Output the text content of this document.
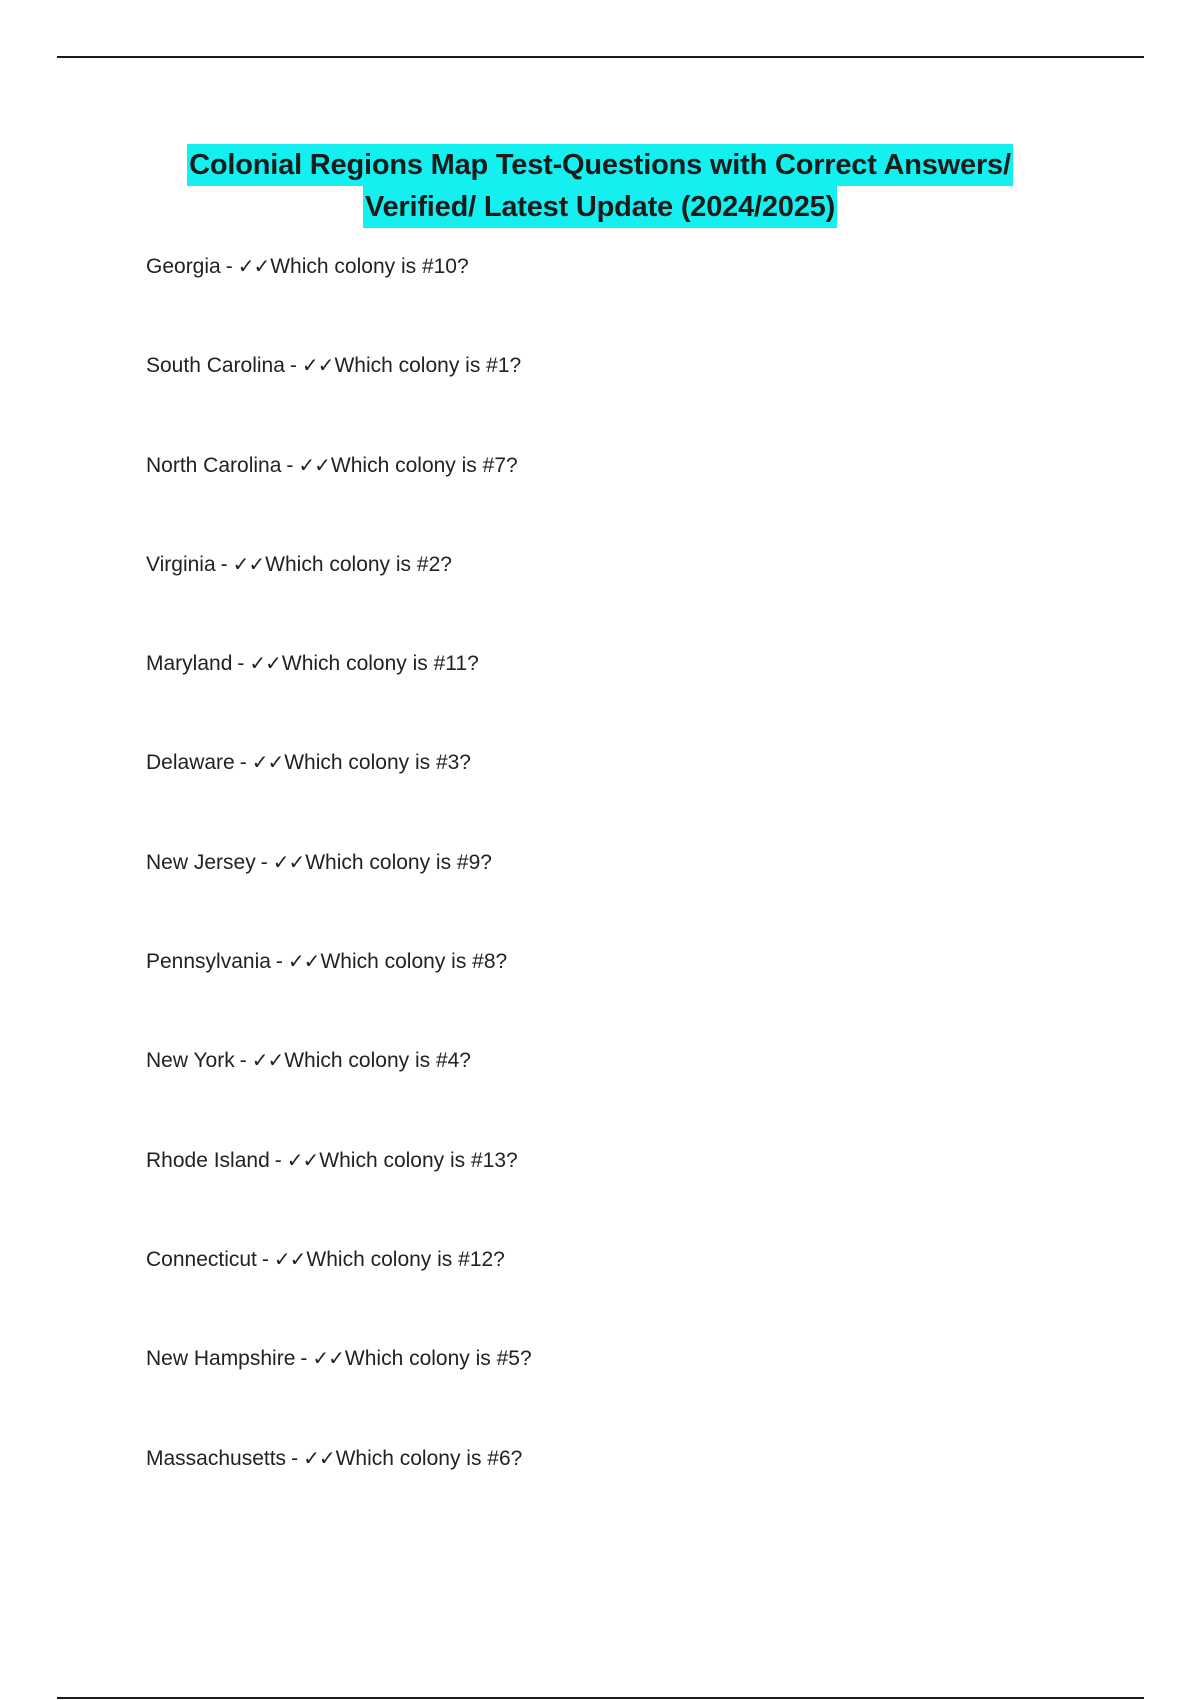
Colonial Regions Map Test-Questions with Correct Answers/
Verified/ Latest Update (2024/2025)
Georgia - ✓✓Which colony is #10?
South Carolina - ✓✓Which colony is #1?
North Carolina - ✓✓Which colony is #7?
Virginia - ✓✓Which colony is #2?
Maryland - ✓✓Which colony is #11?
Delaware - ✓✓Which colony is #3?
New Jersey - ✓✓Which colony is #9?
Pennsylvania - ✓✓Which colony is #8?
New York - ✓✓Which colony is #4?
Rhode Island - ✓✓Which colony is #13?
Connecticut - ✓✓Which colony is #12?
New Hampshire - ✓✓Which colony is #5?
Massachusetts - ✓✓Which colony is #6?
